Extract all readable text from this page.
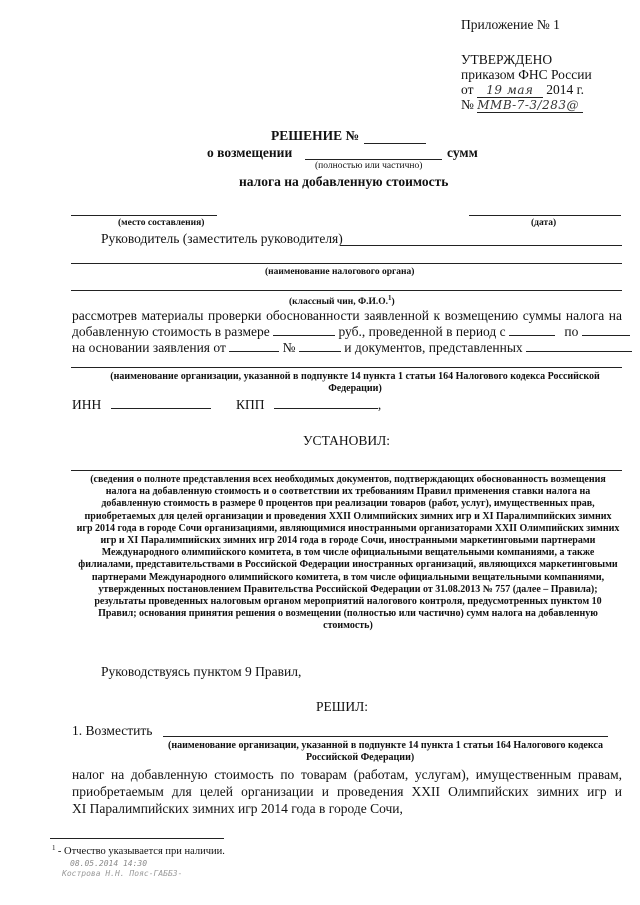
Приложение № 1
УТВЕРЖДЕНО
приказом ФНС России
от 19 мая 2014 г.
№ ММВ-7-3/283@
РЕШЕНИЕ №
о возмещении	сумм
(полностью или частично)
налога на добавленную стоимость
(место составления)	(дата)
Руководитель (заместитель руководителя)
(наименование налогового органа)
(классный чин, Ф.И.О.$^1$)
рассмотрев материалы проверки обоснованности заявленной к возмещению суммы налога на
добавленную стоимость в размере	руб., проведенной в период с	по
на основании заявления от	№	и документов, представленных
(наименование организации, указанной в подпункте 14 пункта 1 статьи 164 Налогового кодекса Российской Федерации)
ИНН	КПП	,
УСТАНОВИЛ:
(сведения о полноте представления всех необходимых документов, подтверждающих обоснованность возмещения
налога на добавленную стоимость и о соответствии их требованиям Правил применения ставки налога на
добавленную стоимость в размере 0 процентов при реализации товаров (работ, услуг), имущественных прав,
приобретаемых для целей организации и проведения XXII Олимпийских зимних игр и XI Паралимпийских зимних
игр 2014 года в городе Сочи организациями, являющимися иностранными организаторами XXII Олимпийских зимних
игр и XI Паралимпийских зимних игр 2014 года в городе Сочи, иностранными маркетинговыми партнерами
Международного олимпийского комитета, в том числе официальными вещательными компаниями, а также
филиалами, представительствами в Российской Федерации иностранных организаций, являющихся маркетинговыми
партнерами Международного олимпийского комитета, в том числе официальными вещательными компаниями,
утвержденных постановлением Правительства Российской Федерации от 31.08.2013 № 757 (далее – Правила);
результаты проведенных налоговым органом мероприятий налогового контроля, предусмотренных пунктом 10
Правил; основания принятия решения о возмещении (полностью или частично) сумм налога на добавленную
стоимость)
Руководствуясь пунктом 9 Правил,
РЕШИЛ:
1. Возместить
(наименование организации, указанной в подпункте 14 пункта 1 статьи 164 Налогового кодекса
Российской Федерации)
налог на добавленную стоимость по товарам (работам, услугам), имущественным правам,
приобретаемым для целей организации и проведения XXII Олимпийских зимних игр и
XI Паралимпийских зимних игр 2014 года в городе Сочи,
$^1$ - Отчество указывается при наличии.
08.05.2014 14:30
Кострова Н.Н. Пояс-ГАББ3-
